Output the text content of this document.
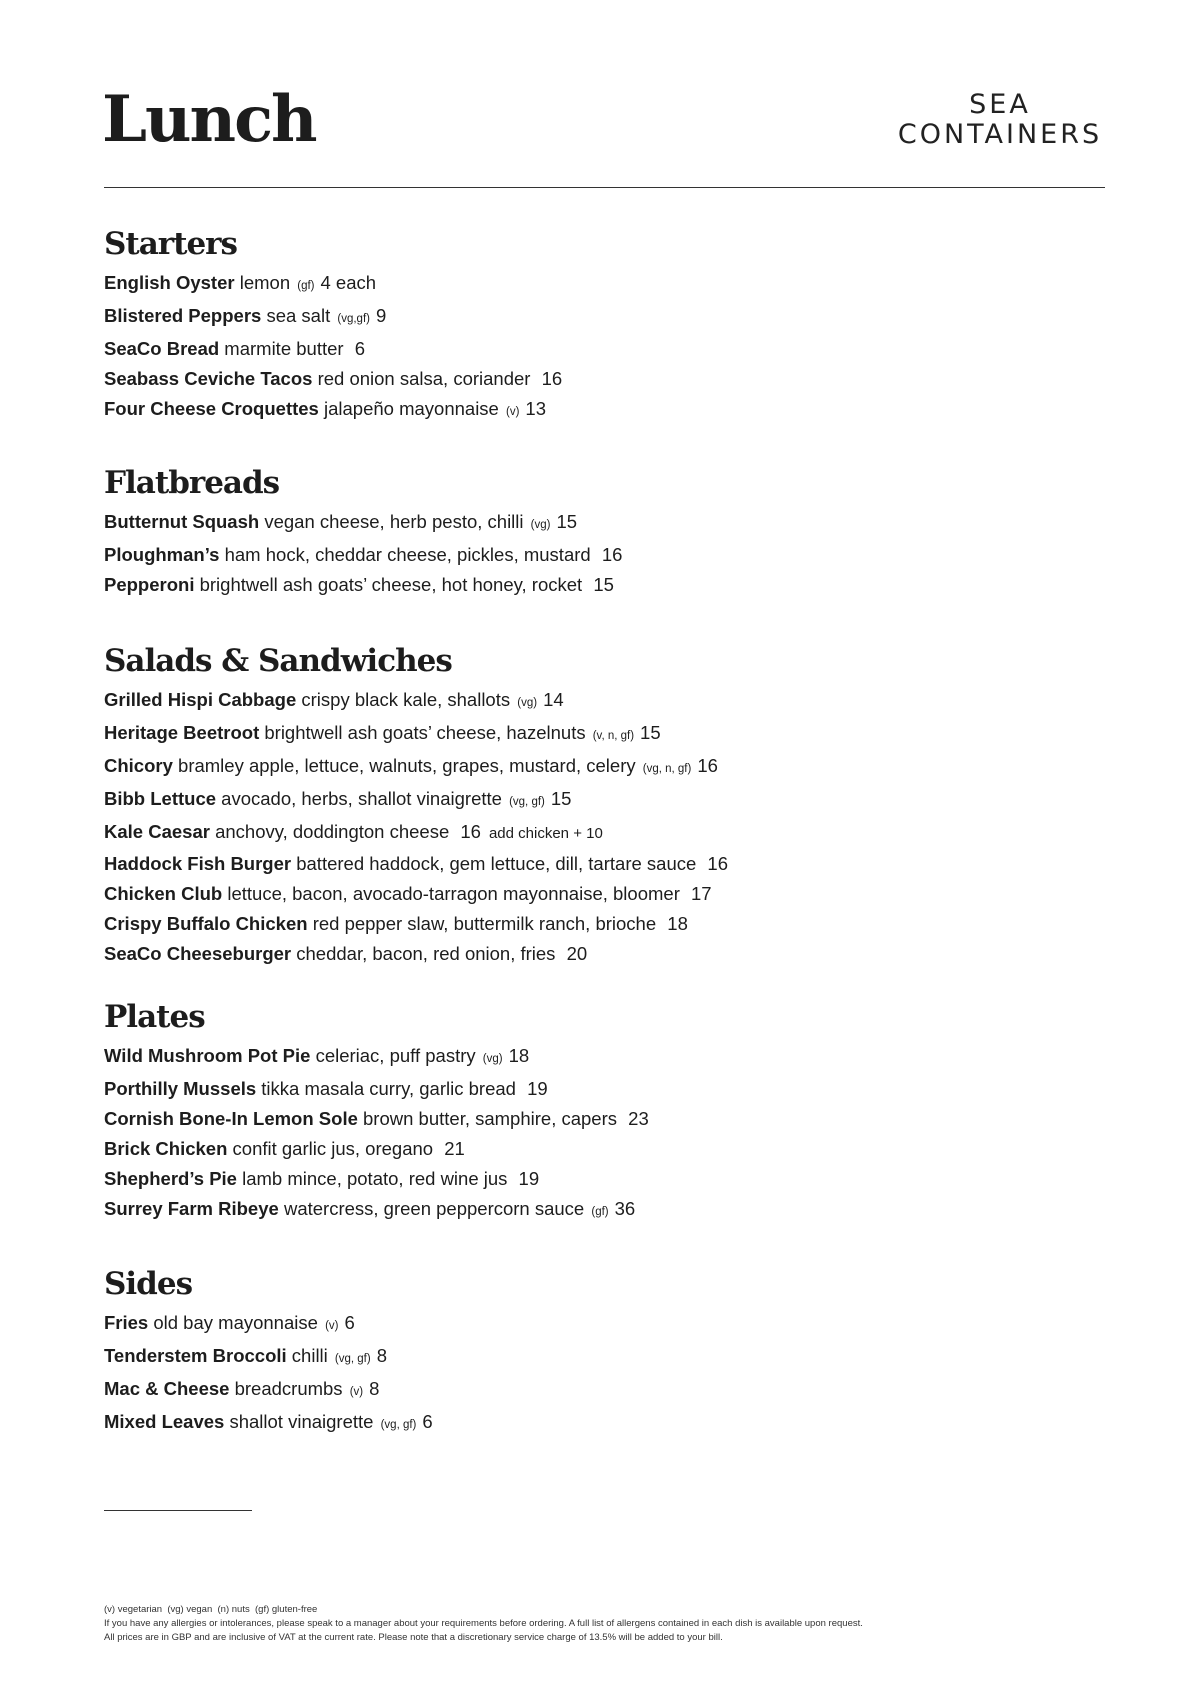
Lunch	SEA
CONTAINERS
Starters
English Oyster lemon (gf) 4 each
Blistered Peppers sea salt (vg,gf) 9
SeaCo Bread marmite butter 6
Seabass Ceviche Tacos red onion salsa, coriander 16
Four Cheese Croquettes jalapeño mayonnaise (v) 13
Flatbreads
Butternut Squash vegan cheese, herb pesto, chilli (vg) 15
Ploughman’s ham hock, cheddar cheese, pickles, mustard 16
Pepperoni brightwell ash goats’ cheese, hot honey, rocket 15
Salads & Sandwiches
Grilled Hispi Cabbage crispy black kale, shallots (vg) 14
Heritage Beetroot brightwell ash goats’ cheese, hazelnuts (v, n, gf) 15
Chicory bramley apple, lettuce, walnuts, grapes, mustard, celery (vg, n, gf) 16
Bibb Lettuce avocado, herbs, shallot vinaigrette (vg, gf) 15
Kale Caesar anchovy, doddington cheese 16 add chicken + 10
Haddock Fish Burger battered haddock, gem lettuce, dill, tartare sauce 16
Chicken Club lettuce, bacon, avocado-tarragon mayonnaise, bloomer 17
Crispy Buffalo Chicken red pepper slaw, buttermilk ranch, brioche 18
SeaCo Cheeseburger cheddar, bacon, red onion, fries 20
Plates
Wild Mushroom Pot Pie celeriac, puff pastry (vg) 18
Porthilly Mussels tikka masala curry, garlic bread 19
Cornish Bone-In Lemon Sole brown butter, samphire, capers 23
Brick Chicken confit garlic jus, oregano 21
Shepherd’s Pie lamb mince, potato, red wine jus 19
Surrey Farm Ribeye watercress, green peppercorn sauce (gf) 36
Sides
Fries old bay mayonnaise (v) 6
Tenderstem Broccoli chilli (vg, gf) 8
Mac & Cheese breadcrumbs (v) 8
Mixed Leaves shallot vinaigrette (vg, gf) 6
(v) vegetarian  (vg) vegan  (n) nuts  (gf) gluten-free
If you have any allergies or intolerances, please speak to a manager about your requirements before ordering. A full list of allergens contained in each dish is available upon request.
All prices are in GBP and are inclusive of VAT at the current rate. Please note that a discretionary service charge of 13.5% will be added to your bill.
